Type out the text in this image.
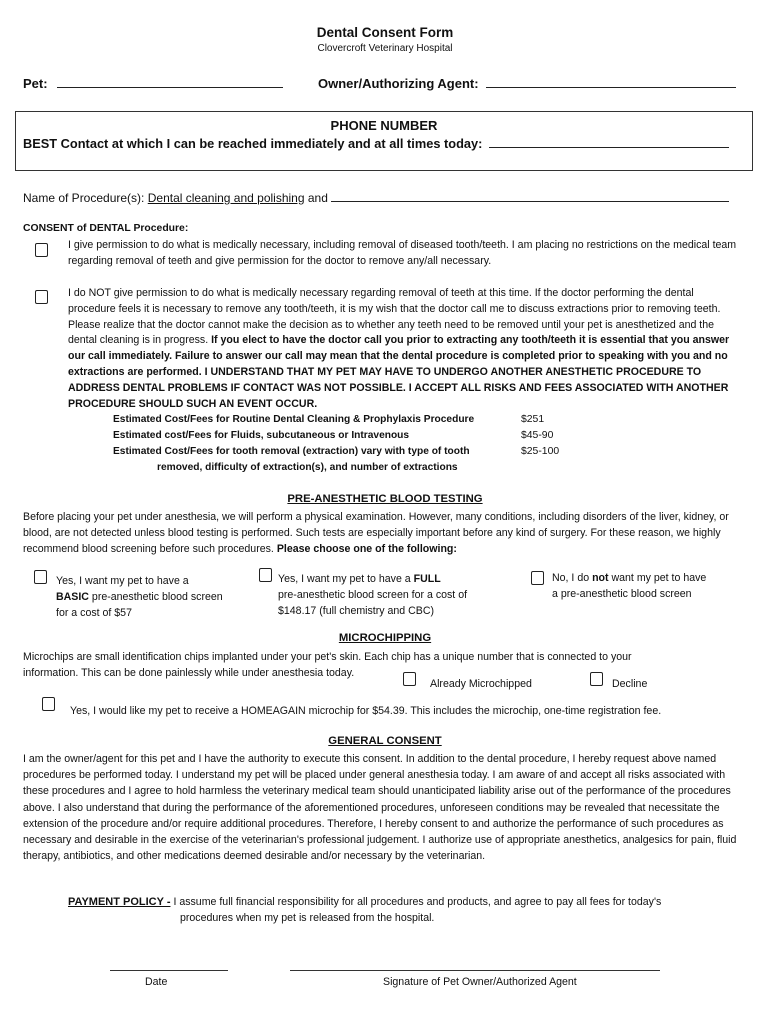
Dental Consent Form
Clovercroft Veterinary Hospital
Pet:	Owner/Authorizing Agent:
PHONE NUMBER
BEST Contact at which I can be reached immediately and at all times today:
Name of Procedure(s): Dental cleaning and polishing and
CONSENT of DENTAL Procedure:
I give permission to do what is medically necessary, including removal of diseased tooth/teeth. I am placing no restrictions on the medical team regarding removal of teeth and give permission for the doctor to remove any/all necessary.
I do NOT give permission to do what is medically necessary regarding removal of teeth at this time. If the doctor performing the dental procedure feels it is necessary to remove any tooth/teeth, it is my wish that the doctor call me to discuss extractions prior to removing teeth. Please realize that the doctor cannot make the decision as to whether any teeth need to be removed until your pet is anesthetized and the dental cleaning is in progress. If you elect to have the doctor call you prior to extracting any tooth/teeth it is essential that you answer our call immediately. Failure to answer our call may mean that the dental procedure is completed prior to speaking with you and no extractions are performed. I UNDERSTAND THAT MY PET MAY HAVE TO UNDERGO ANOTHER ANESTHETIC PROCEDURE TO ADDRESS DENTAL PROBLEMS IF CONTACT WAS NOT POSSIBLE. I ACCEPT ALL RISKS AND FEES ASSOCIATED WITH ANOTHER PROCEDURE SHOULD SUCH AN EVENT OCCUR.
Estimated Cost/Fees for Routine Dental Cleaning & Prophylaxis Procedure	$251
Estimated cost/Fees for Fluids, subcutaneous or Intravenous	$45-90
Estimated Cost/Fees for tooth removal (extraction) vary with type of tooth	$25-100
removed, difficulty of extraction(s), and number of extractions
PRE-ANESTHETIC BLOOD TESTING
Before placing your pet under anesthesia, we will perform a physical examination. However, many conditions, including disorders of the liver, kidney, or blood, are not detected unless blood testing is performed. Such tests are especially important before any kind of surgery. For these reason, we highly recommend blood screening before such procedures. Please choose one of the following:
Yes, I want my pet to have a
BASIC pre-anesthetic blood screen
for a cost of $57
Yes, I want my pet to have a FULL
pre-anesthetic blood screen for a cost of
$148.17 (full chemistry and CBC)
No, I do not want my pet to have
a pre-anesthetic blood screen
MICROCHIPPING
Microchips are small identification chips implanted under your pet's skin. Each chip has a unique number that is connected to your
information. This can be done painlessly while under anesthesia today.
Already Microchipped	Decline
Yes, I would like my pet to receive a HOMEAGAIN microchip for $54.39. This includes the microchip, one-time registration fee.
GENERAL CONSENT
I am the owner/agent for this pet and I have the authority to execute this consent. In addition to the dental procedure, I hereby request above named procedures be performed today. I understand my pet will be placed under general anesthesia today. I am aware of and accept all risks associated with these procedures and I agree to hold harmless the veterinary medical team should unanticipated liability arise out of the performance of the procedures above. I also understand that during the performance of the aforementioned procedures, unforeseen conditions may be revealed that necessitate the extension of the procedure and/or require additional procedures. Therefore, I hereby consent to and authorize the performance of such procedures as necessary and desirable in the exercise of the veterinarian's professional judgement. I authorize use of appropriate anesthetics, analgesics for pain, fluid therapy, antibiotics, and other medications deemed desirable and/or necessary by the veterinarian.
PAYMENT POLICY - I assume full financial responsibility for all procedures and products, and agree to pay all fees for today's
procedures when my pet is released from the hospital.
Date	Signature of Pet Owner/Authorized Agent
